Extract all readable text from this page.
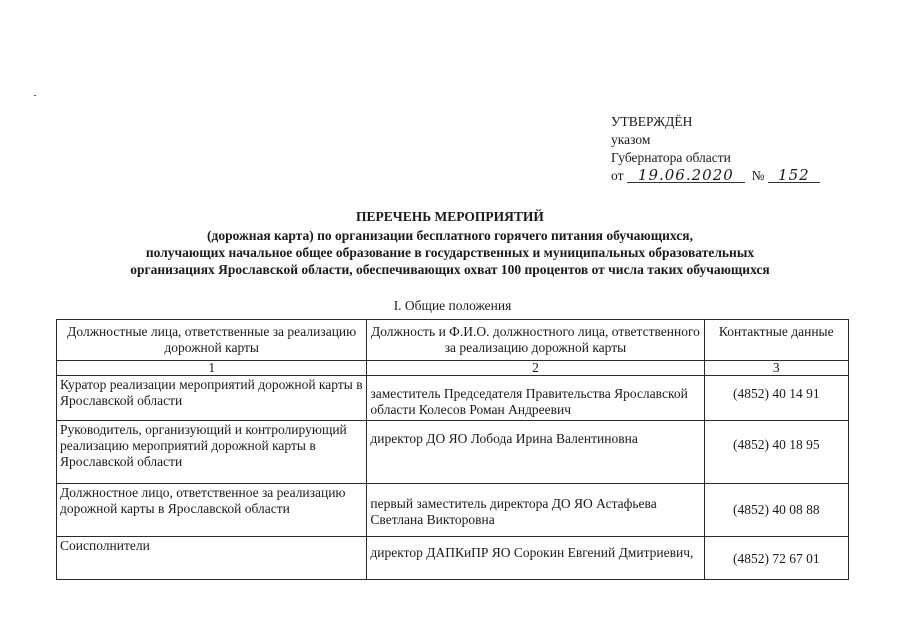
УТВЕРЖДЁН
указом
Губернатора области
от 19.06.2020 № 152
ПЕРЕЧЕНЬ МЕРОПРИЯТИЙ
(дорожная карта) по организации бесплатного горячего питания обучающихся,
получающих начальное общее образование в государственных и муниципальных образовательных
организациях Ярославской области, обеспечивающих охват 100 процентов от числа таких обучающихся
I. Общие положения
Должностные лица, ответственные за реализацию дорожной карты	Должность и Ф.И.О. должностного лица, ответственного за реализацию дорожной карты	Контактные данные
1	2	3
Куратор реализации мероприятий дорожной карты в Ярославской области	заместитель Председателя Правительства Ярославской области Колесов Роман Андреевич	(4852) 40 14 91
Руководитель, организующий и контролирующий реализацию мероприятий дорожной карты в Ярославской области	директор ДО ЯО Лобода Ирина Валентиновна	(4852) 40 18 95
Должностное лицо, ответственное за реализацию дорожной карты в Ярославской области	первый заместитель директора ДО ЯО Астафьева Светлана Викторовна	(4852) 40 08 88
Соисполнители	директор ДАПКиПР ЯО Сорокин Евгений Дмитриевич,	(4852) 72 67 01
